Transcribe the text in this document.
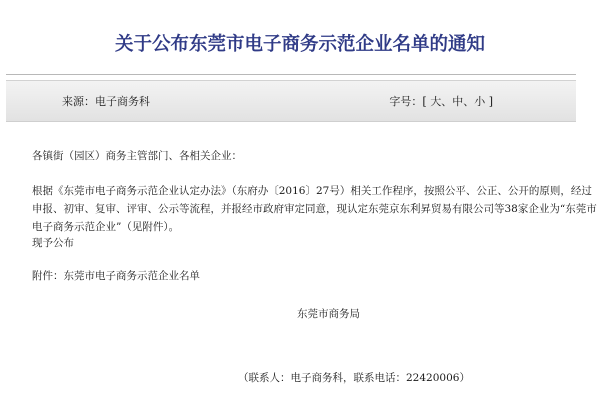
关于公布东莞市电子商务示范企业名单的通知
来源：电子商务科	字号：[ 大、中、小 ]
各镇街（园区）商务主管部门、各相关企业：
根据《东莞市电子商务示范企业认定办法》（东府办〔2016〕27号）相关工作程序，按照公平、公正、公开的原则，经过申报、初审、复审、评审、公示等流程，并报经市政府审定同意，现认定东莞京东利昇贸易有限公司等38家企业为“东莞市电子商务示范企业”（见附件）。
现予公布
附件：东莞市电子商务示范企业名单
东莞市商务局
（联系人：电子商务科，联系电话：22420006）
